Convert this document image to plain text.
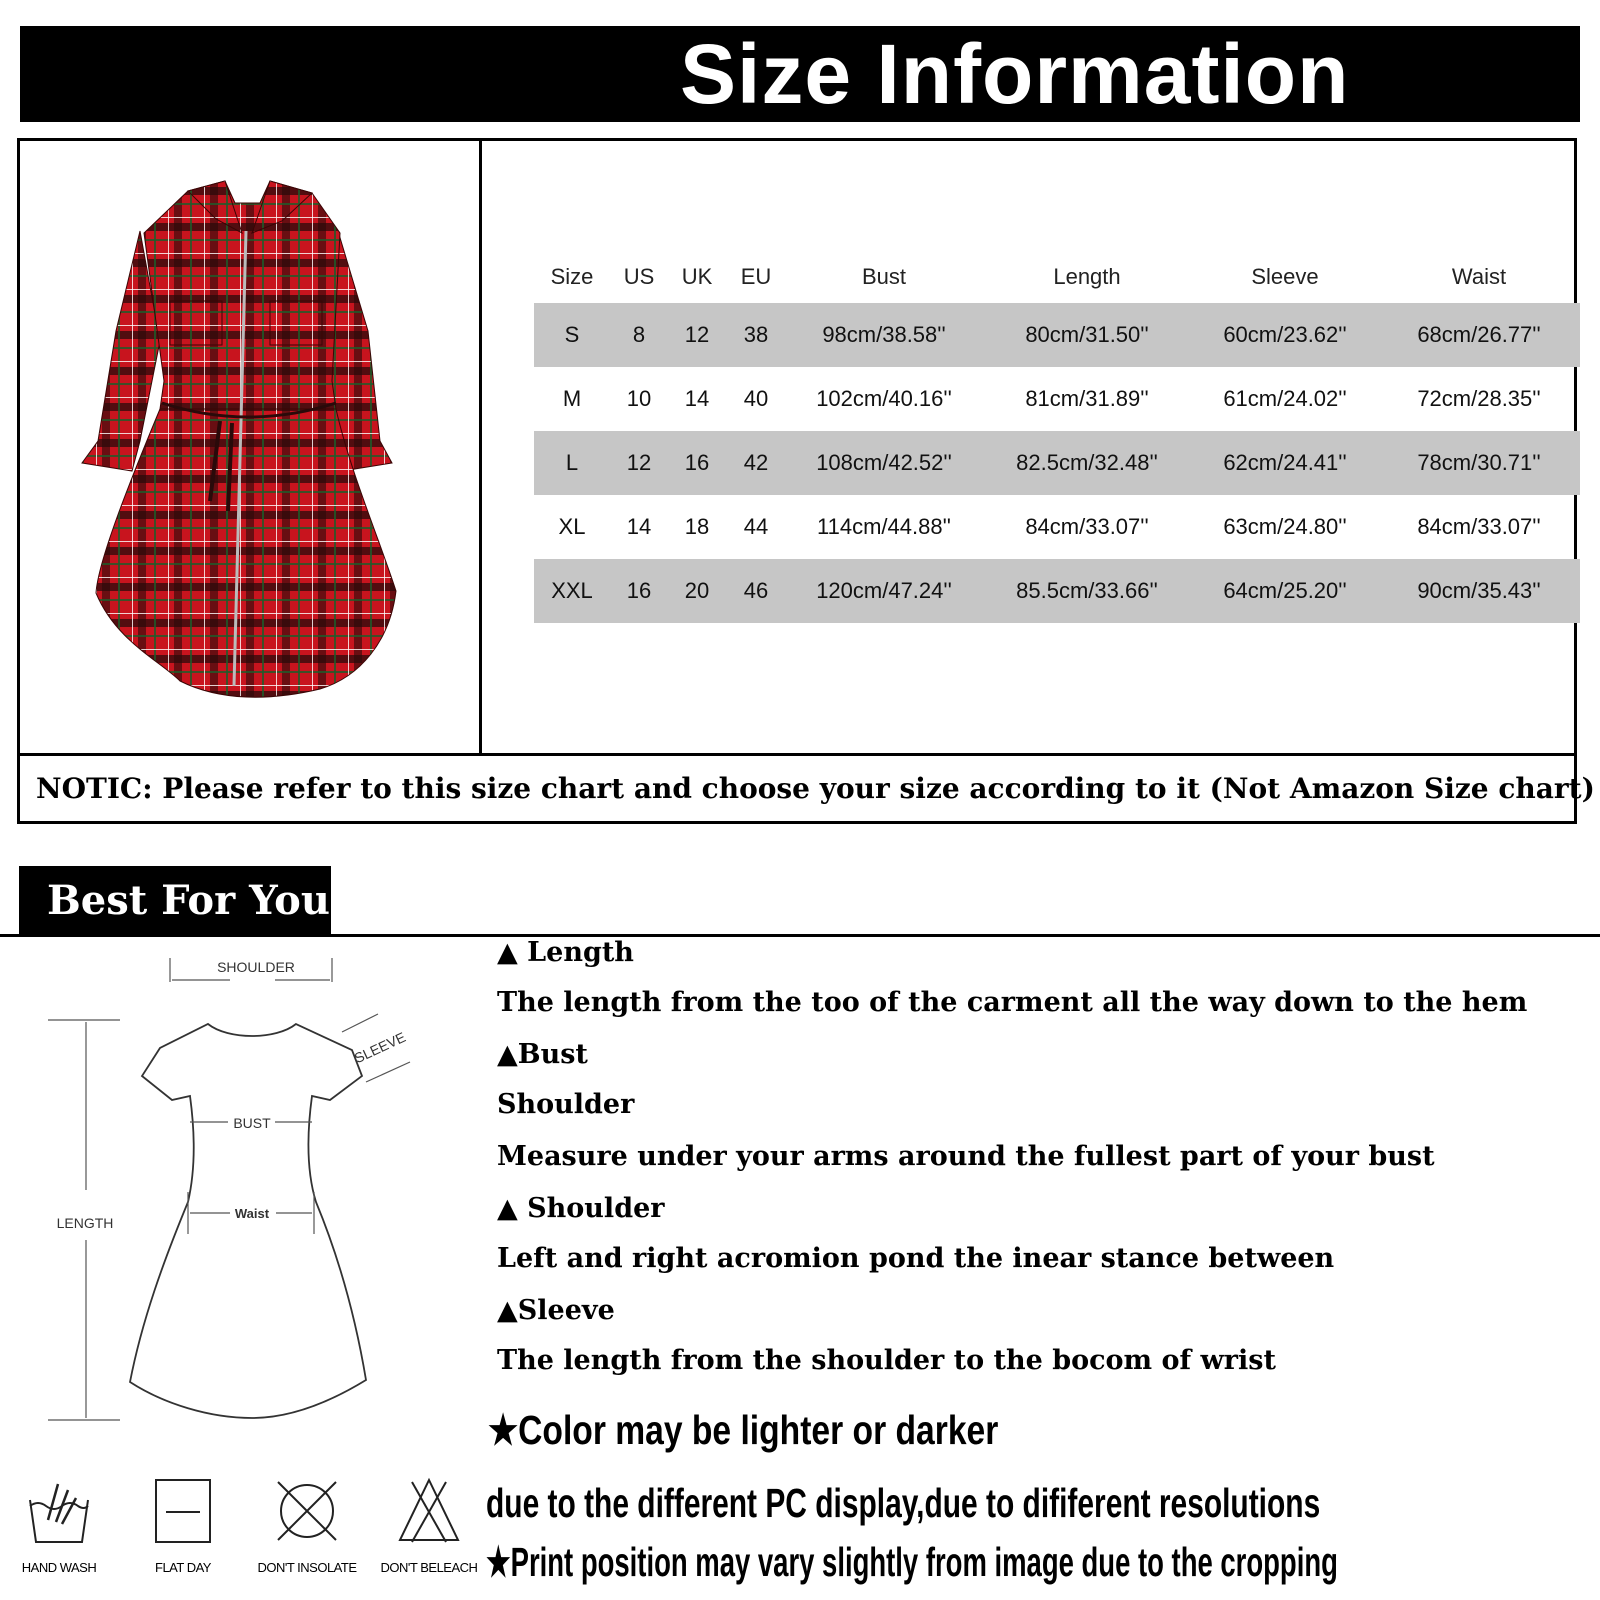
Size Information
Size	US	UK	EU	Bust	Length	Sleeve	Waist
S	8	12	38	98cm/38.58''	80cm/31.50''	60cm/23.62''	68cm/26.77''
M	10	14	40	102cm/40.16''	81cm/31.89''	61cm/24.02''	72cm/28.35''
L	12	16	42	108cm/42.52''	82.5cm/32.48''	62cm/24.41''	78cm/30.71''
XL	14	18	44	114cm/44.88''	84cm/33.07''	63cm/24.80''	84cm/33.07''
XXL	16	20	46	120cm/47.24''	85.5cm/33.66''	64cm/25.20''	90cm/35.43''

NOTIC: Please refer to this size chart and choose your size according to it (Not Amazon Size chart)

Best For You
SHOULDER
LENGTH
SLEEVE
BUST
Waist
▲ Length
The length from the too of the carment all the way down to the hem
▲Bust
Shoulder
Measure under your arms around the fullest part of your bust
▲ Shoulder
Left and right acromion pond the inear stance between
▲Sleeve
The length from the shoulder to the bocom of wrist
★Color may be lighter or darker
due to the different PC display,due to dififerent resolutions
★Print position may vary slightly from image due to the cropping
HAND WASH	FLAT DAY	DON'T INSOLATE	DON'T BELEACH
